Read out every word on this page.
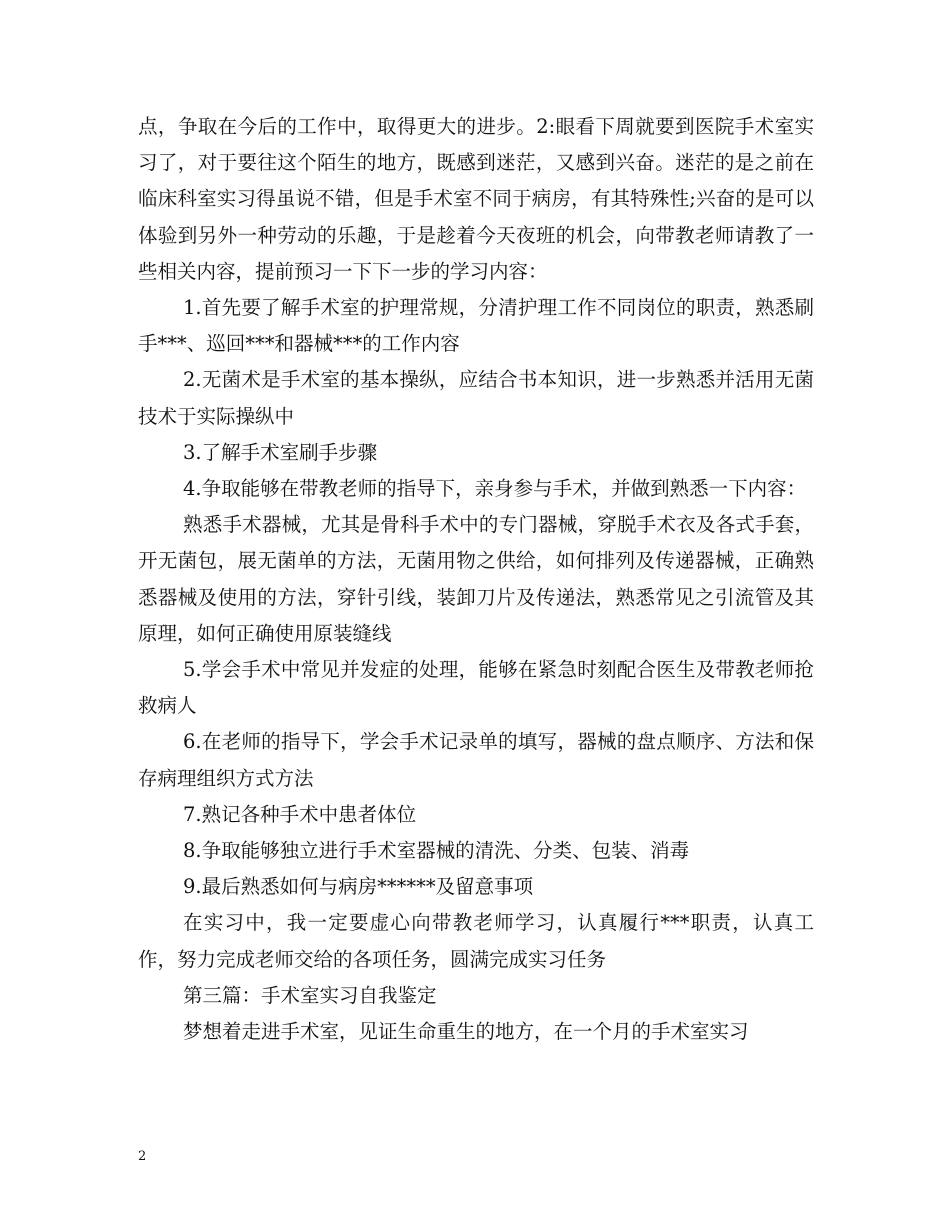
点，争取在今后的工作中，取得更大的进步。2:眼看下周就要到医院手术室实习了，对于要往这个陌生的地方，既感到迷茫，又感到兴奋。迷茫的是之前在临床科室实习得虽说不错，但是手术室不同于病房，有其特殊性;兴奋的是可以体验到另外一种劳动的乐趣，于是趁着今天夜班的机会，向带教老师请教了一些相关内容，提前预习一下下一步的学习内容：

1.首先要了解手术室的护理常规，分清护理工作不同岗位的职责，熟悉刷手***、巡回***和器械***的工作内容

2.无菌术是手术室的基本操纵，应结合书本知识，进一步熟悉并活用无菌技术于实际操纵中

3.了解手术室刷手步骤

4.争取能够在带教老师的指导下，亲身参与手术，并做到熟悉一下内容：

熟悉手术器械，尤其是骨科手术中的专门器械，穿脱手术衣及各式手套，开无菌包，展无菌单的方法，无菌用物之供给，如何排列及传递器械，正确熟悉器械及使用的方法，穿针引线，装卸刀片及传递法，熟悉常见之引流管及其原理，如何正确使用原装缝线

5.学会手术中常见并发症的处理，能够在紧急时刻配合医生及带教老师抢救病人

6.在老师的指导下，学会手术记录单的填写，器械的盘点顺序、方法和保存病理组织方式方法

7.熟记各种手术中患者体位

8.争取能够独立进行手术室器械的清洗、分类、包装、消毒

9.最后熟悉如何与病房******及留意事项

在实习中，我一定要虚心向带教老师学习，认真履行***职责，认真工作，努力完成老师交给的各项任务，圆满完成实习任务

第三篇：手术室实习自我鉴定

梦想着走进手术室，见证生命重生的地方，在一个月的手术室实习

2
